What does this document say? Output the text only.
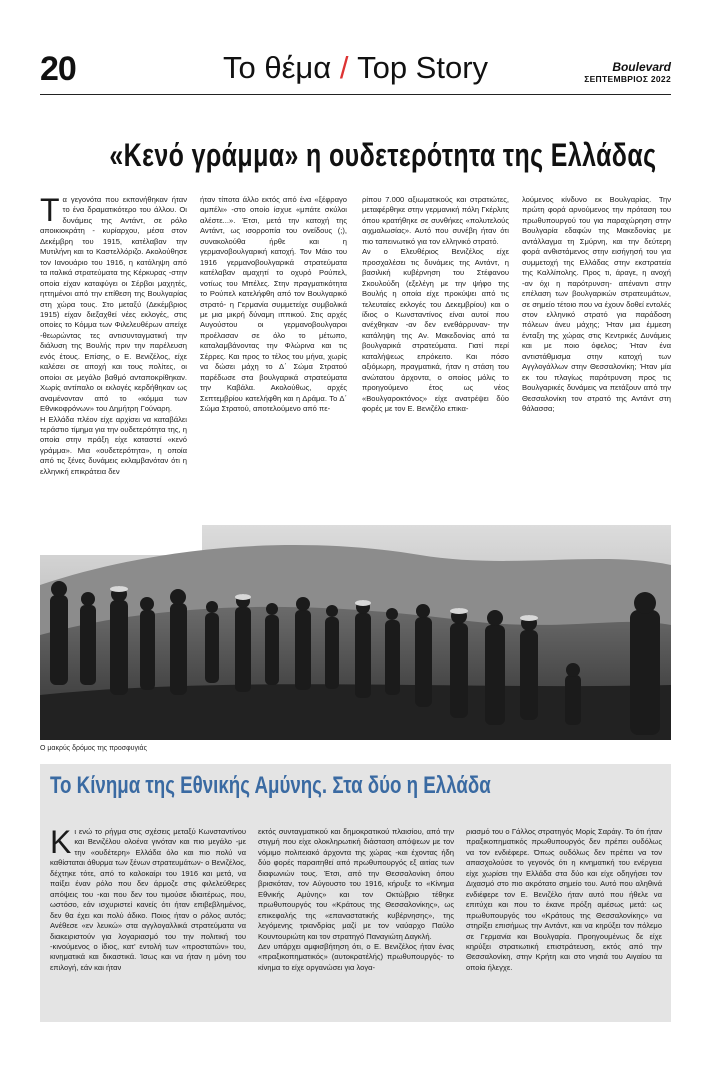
20	Το θέμα / Top Story	Boulevard
ΣΕΠΤΕΜΒΡΙΟΣ 2022
«Κενό γράμμα» η ουδετερότητα της Ελλάδας

Τα γεγονότα που εκπονήθηκαν ήταν το ένα δραματικότερο του άλλου. Οι δυνάμεις της Αντάντ, σε ρόλο αποικιοκράτη - κυρίαρχου, μέσα στον Δεκέμβρη του 1915, κατέλαβαν την Μυτιλήνη και το Καστελλόριζο. Ακολούθησε τον Ιανουάριο του 1916, η κατάληψη από τα ιταλικά στρατεύματα της Κέρκυρας -στην οποία είχαν καταφύγει οι Σέρβοι μαχητές, ηττημένοι από την επίθεση της Βουλγαρίας στη χώρα τους. Στο μεταξύ (Δεκέμβριος 1915) είχαν διεξαχθεί νέες εκλογές, στις οποίες το Κόμμα των Φιλελευθέρων απείχε -θεωρώντας τες αντισυνταγματική την διάλυση της Βουλής πριν την παρέλευση ενός έτους. Επίσης, ο Ε. Βενιζέλος, είχε καλέσει σε αποχή και τους πολίτες, οι οποίοι σε μεγάλο βαθμό ανταποκρίθηκαν. Χωρίς αντίπαλο οι εκλογές κερδήθηκαν ως αναμένονταν από το «κόμμα των Εθνικοφρόνων» του Δημήτρη Γούναρη.

Η Ελλάδα πλέον είχε αρχίσει να καταβάλει τεράστιο τίμημα για την ουδετερότητα της, η οποία στην πράξη είχε καταστεί «κενό γράμμα». Μια «ουδετερότητα», η οποία από τις ξένες δυνάμεις εκλαμβανόταν ότι η ελληνική επικράτεια δεν

ήταν τίποτα άλλο εκτός από ένα «ξέφραγο αμπέλι» -στο οποίο ίσχυε «μπάτε σκύλοι αλέστε...». Έτσι, μετά την κατοχή της Αντάντ, ως ισορροπία του ονείδους (;), συνακολούθα ήρθε και η γερμανοβουλγαρική κατοχή. Τον Μάιο του 1916 γερμανοβουλγαρικά στρατεύματα κατέλαβαν αμαχητί το οχυρό Ρούπελ, νοτίως του Μπέλες. Στην πραγματικότητα το Ρούπελ κατελήφθη από τον Βουλγαρικό στρατό- η Γερμανία συμμετείχε συμβολικά με μια μικρή δύναμη ιππικού. Στις αρχές Αυγούστου οι γερμανοβουλγαροι προέλασαν σε όλο το μέτωπο, καταλαμβάνοντας την Φλώρινα και τις Σέρρες. Και προς το τέλος του μήνα, χωρίς να δώσει μάχη το Δ΄ Σώμα Στρατού παρέδωσε στα βουλγαρικά στρατεύματα την Καβάλα. Ακολούθως, αρχές Σεπτεμβρίου κατελήφθη και η Δράμα. Το Δ΄ Σώμα Στρατού, αποτελούμενο από πε-

ρίπου 7.000 αξιωματικούς και στρατιώτες, μεταφέρθηκε στην γερμανική πόλη Γκέρλιτς όπου κρατήθηκε σε συνθήκες «πολυτελούς αιχμαλωσίας». Αυτό που συνέβη ήταν ότι πιο ταπεινωτικό για τον ελληνικό στρατό.

Αν ο Ελευθέριος Βενιζέλος είχε προσχαλέσει τις δυνάμεις της Αντάντ, η βασιλική κυβέρνηση του Στέφανου Σκουλούδη (εξελέγη με την ψήφο της Βουλής η οποία είχε προκύψει από τις τελευταίες εκλογές του Δεκεμβρίου) και ο ίδιος ο Κωνσταντίνος είναι αυτοί που ανέχθηκαν -αν δεν ενεθάρρυναν- την κατάληψη της Αν. Μακεδονίας από τα βουλγαρικά στρατεύματα. Γιατί περί καταλήψεως επρόκειτο. Και πόσο αξιόμωρη, πραγματικά, ήταν η στάση του ανώτατου άρχοντα, ο οποίος μόλις το προηγούμενο έτος ως νέος «Βουλγαροκτόνος» είχε ανατρέψει δύο φορές με τον Ε. Βενιζέλο επικα-

λούμενος κίνδυνο εκ Βουλγαρίας. Την πρώτη φορά αρνούμενος την πρόταση του πρωθυπουργού του για παραχώρηση στην Βουλγαρία εδαφών της Μακεδονίας με αντάλλαγμα τη Σμύρνη, και την δεύτερη φορά ανθιστάμενος στην εισήγησή του για συμμετοχή της Ελλάδας στην εκστρατεία της Καλλίπολης. Προς τι, άραγε, η ανοχή -αν όχι η παρότρυνση- απέναντι στην επέλαση των βουλγαρικών στρατευμάτων, σε σημείο τέτοιο που να έχουν δοθεί εντολές στον ελληνικό στρατό για παράδοση πόλεων άνευ μάχης; Ήταν μια έμμεση ένταξη της χώρας στις Κεντρικές Δυνάμεις και με ποιο όφελος; Ήταν ένα αντιστάθμισμα στην κατοχή των Αγγλογάλλων στην Θεσσαλονίκη; Ήταν μία εκ του πλαγίως παρότρυνση προς τις Βουλγαρικές δυνάμεις να πετάξουν από την Θεσσαλονίκη τον στρατό της Αντάντ στη θάλασσα;

Ο μακρύς δρόμος της προσφυγιάς
Το Κίνημα της Εθνικής Αμύνης. Στα δύο η Ελλάδα

Κι ενώ το ρήγμα στις σχέσεις μεταξύ Κωνσταντίνου και Βενιζέλου ολοένα γινόταν και πιο μεγάλο -με την «ουδέτερη» Ελλάδα όλο και πιο πολύ να καθίσταται άθυρμα των ξένων στρατευμάτων- ο Βενιζέλος, δέχτηκε τότε, από το καλοκαίρι του 1916 και μετά, να παίξει έναν ρόλο που δεν άρμοζε στις φιλελεύθερες απόψεις του -και που δεν του τιμούσε ιδιαιτέρως, που, ωστόσο, εάν ισχυριστεί κανείς ότι ήταν επιβεβλημένος, δεν θα έχει και πολύ άδικο. Ποιος ήταν ο ρόλος αυτός; Ανέθεσε «εν λευκώ» στα αγγλογαλλικά στρατεύματα να διακειριστούν για λογαριασμό του την πολιτική του -κινούμενος ο ίδιος, κατ' εντολή των «προστατών» του, κινηματικά και δικαστικά. Ίσως και να ήταν η μόνη του επιλογή, εάν και ήταν

εκτός συνταγματικού και δημοκρατικού πλαισίου, από την στιγμή που είχε ολοκληρωτική διάσταση απόψεων με τον νόμιμο πολιτειακό άρχοντα της χώρας -και έχοντας ήδη δύο φορές παραιτηθεί από πρωθυπουργός εξ αιτίας των διαφωνιών τους. Έτσι, από την Θεσσαλονίκη όπου βρισκόταν, τον Αύγουστο του 1916, κήρυξε το «Κίνημα Εθνικής Αμύνης» και τον Οκτώβριο τέθηκε πρωθυπουργός του «Κράτους της Θεσσαλονίκης», ως επικεφαλής της «επαναστατικής κυβέρνησης», της λεγόμενης τριανδρίας μαζί με τον ναύαρχο Παύλο Κουντουριώτη και τον στρατηγό Παναγιώτη Δαγκλή.

Δεν υπάρχει αμφισβήτηση ότι, ο Ε. Βενιζέλος ήταν ένας «πραξικοπηματικός» (αυτοκρατέλής) πρωθυπουργός- το κίνημα το είχε οργανώσει για λογα-

ριασμό του ο Γάλλος στρατηγός Μορίς Σαράιγ. Το ότι ήταν πραξικοπηματικός πρωθυπουργός δεν πρέπει ουδόλως να τον ενδιέφερε. Όπως ουδόλως δεν πρέπει να τον απασχολούσε το γεγονός ότι η κινηματική του ενέργεια είχε χωρίσει την Ελλάδα στα δύο και είχε οδηγήσει τον Διχασμό στο πιο ακρότατο σημείο του. Αυτό που αληθινά ενδιέφερε τον Ε. Βενιζέλο ήταν αυτό που ήθελε να επιτύχει και που το έκανε πρόξη αμέσως μετά: ως πρωθυπουργός του «Κράτους της Θεσσαλονίκης» να στηρίξει επισήμως την Αντάντ, και να κηρύξει τον πόλεμο σε Γερμανία και Βουλγαρία. Προηγουμένως δε είχε κηρύξει στρατιωτική επιστράτευση, εκτός από την Θεσσαλονίκη, στην Κρήτη και στο νησιά του Αιγαίου τα οποία ήλεγχε.
